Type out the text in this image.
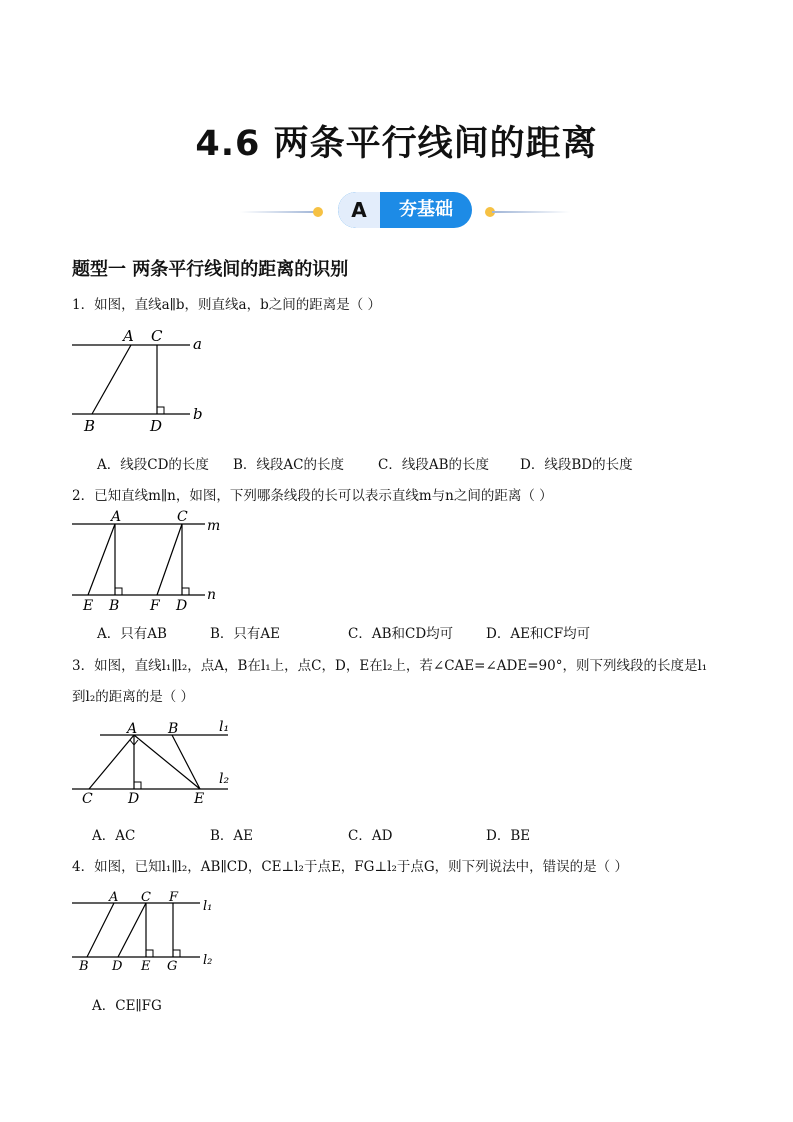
4.6 两条平行线间的距离
A	夯基础
题型一 两条平行线间的距离的识别
1．如图，直线a∥b，则直线a，b之间的距离是（ ）
A C a
b
B	D
A	C
m
n
E B F D
A B	l₁
l₂
C	D	E
A C F
l₁
l₂
B D E G
A．线段CD的长度 B．线段AC的长度	C．线段AB的长度 D．线段BD的长度
2．已知直线m∥n，如图，下列哪条线段的长可以表示直线m与n之间的距离（ ）
A．只有AB	B．只有AE	C．AB和CD均可 D．AE和CF均可
3．如图，直线l₁∥l₂，点A，B在l₁上，点C，D，E在l₂上，若∠CAE=∠ADE=90°，则下列线段的长度是l₁
到l₂的距离的是（ ）
A．AC	B．AE	C．AD	D．BE
4．如图，已知l₁∥l₂，AB∥CD，CE⊥l₂于点E，FG⊥l₂于点G，则下列说法中，错误的是（ ）
A．CE∥FG
